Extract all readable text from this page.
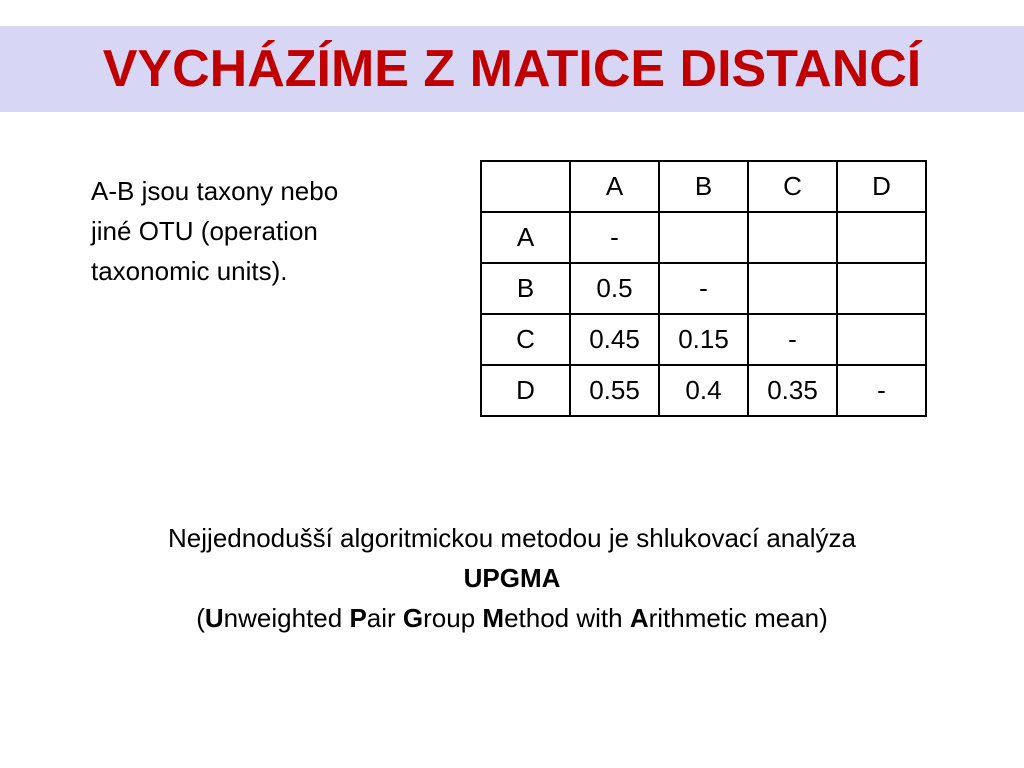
VYCHÁZÍME Z MATICE DISTANCÍ
A-B jsou taxony nebo
jiné OTU (operation
taxonomic units).
	A	B	C	D
A	-			
B	0.5	-		
C	0.45	0.15	-	
D	0.55	0.4	0.35	-
Nejjednodušší algoritmickou metodou je shlukovací analýza
UPGMA
(Unweighted Pair Group Method with Arithmetic mean)
